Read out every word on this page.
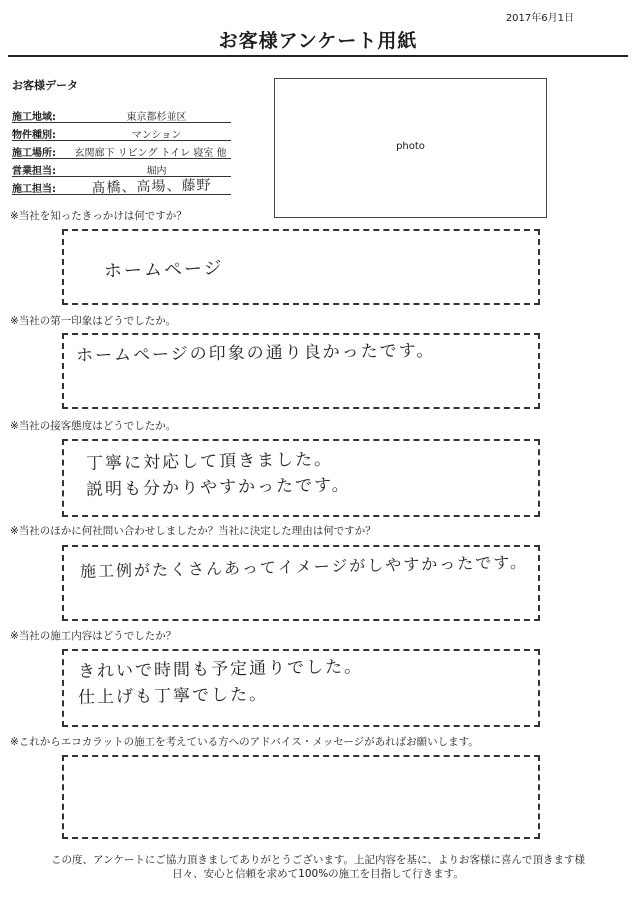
2017年6月1日
お客様アンケート用紙
お客様データ
施工地域:	東京都杉並区
物件種別:	マンション
施工場所:	玄関廊下 リビング トイレ 寝室 他
営業担当:	堀内
施工担当:	髙橋、高場、藤野
photo
※当社を知ったきっかけは何ですか？
ホームページ
※当社の第一印象はどうでしたか。
ホームページの印象の通り良かったです。
※当社の接客態度はどうでしたか。
丁寧に対応して頂きました。
説明も分かりやすかったです。
※当社のほかに何社問い合わせしましたか？当社に決定した理由は何ですか？
施工例がたくさんあってイメージがしやすかったです。
※当社の施工内容はどうでしたか？
きれいで時間も予定通りでした。
仕上げも丁寧でした。
※これからエコカラットの施工を考えている方へのアドバイス・メッセージがあればお願いします。
この度、アンケートにご協力頂きましてありがとうございます。上記内容を基に、よりお客様に喜んで頂きます様
日々、安心と信頼を求めて100%の施工を目指して行きます。
